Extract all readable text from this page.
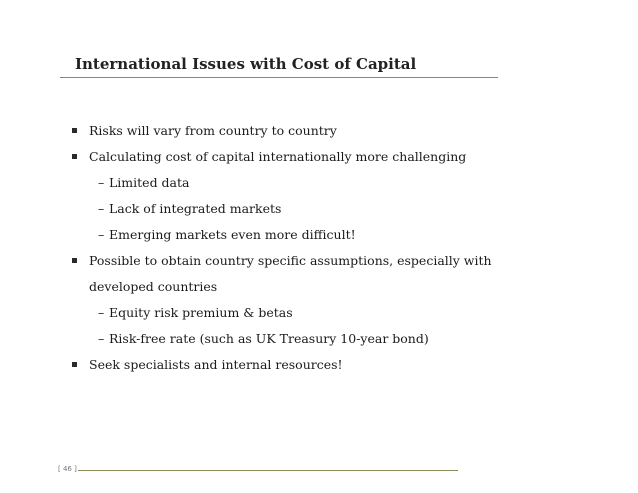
International Issues with Cost of Capital
Risks will vary from country to country
Calculating cost of capital internationally more challenging
– Limited data
– Lack of integrated markets
– Emerging markets even more difficult!
Possible to obtain country specific assumptions, especially with developed countries
– Equity risk premium & betas
– Risk-free rate (such as UK Treasury 10-year bond)
Seek specialists and internal resources!
[ 46 ]
